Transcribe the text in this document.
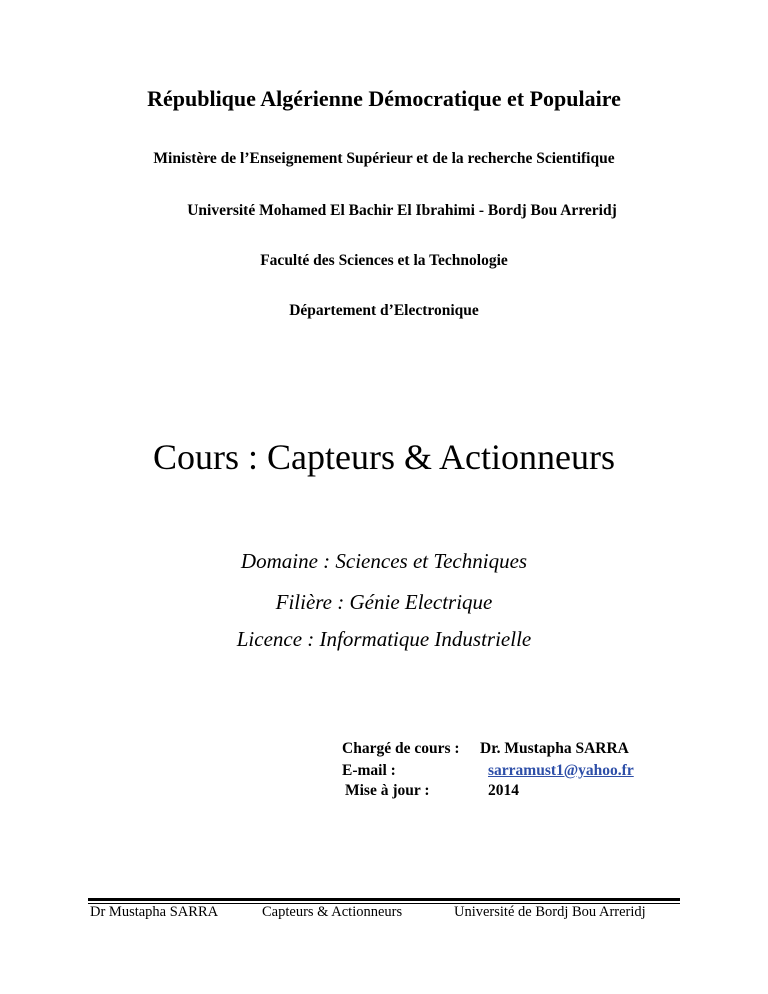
République Algérienne Démocratique et Populaire
Ministère de l’Enseignement Supérieur et de la recherche Scientifique
Université Mohamed El Bachir El Ibrahimi - Bordj Bou Arreridj
Faculté des Sciences et la Technologie
Département d’Electronique
Cours : Capteurs & Actionneurs
Domaine : Sciences et Techniques
Filière : Génie Electrique
Licence : Informatique Industrielle
Chargé de cours : Dr. Mustapha SARRA
E-mail :	sarramust1@yahoo.fr
Mise à jour :	2014
Dr Mustapha SARRA	Capteurs & Actionneurs	Université de Bordj Bou Arreridj
